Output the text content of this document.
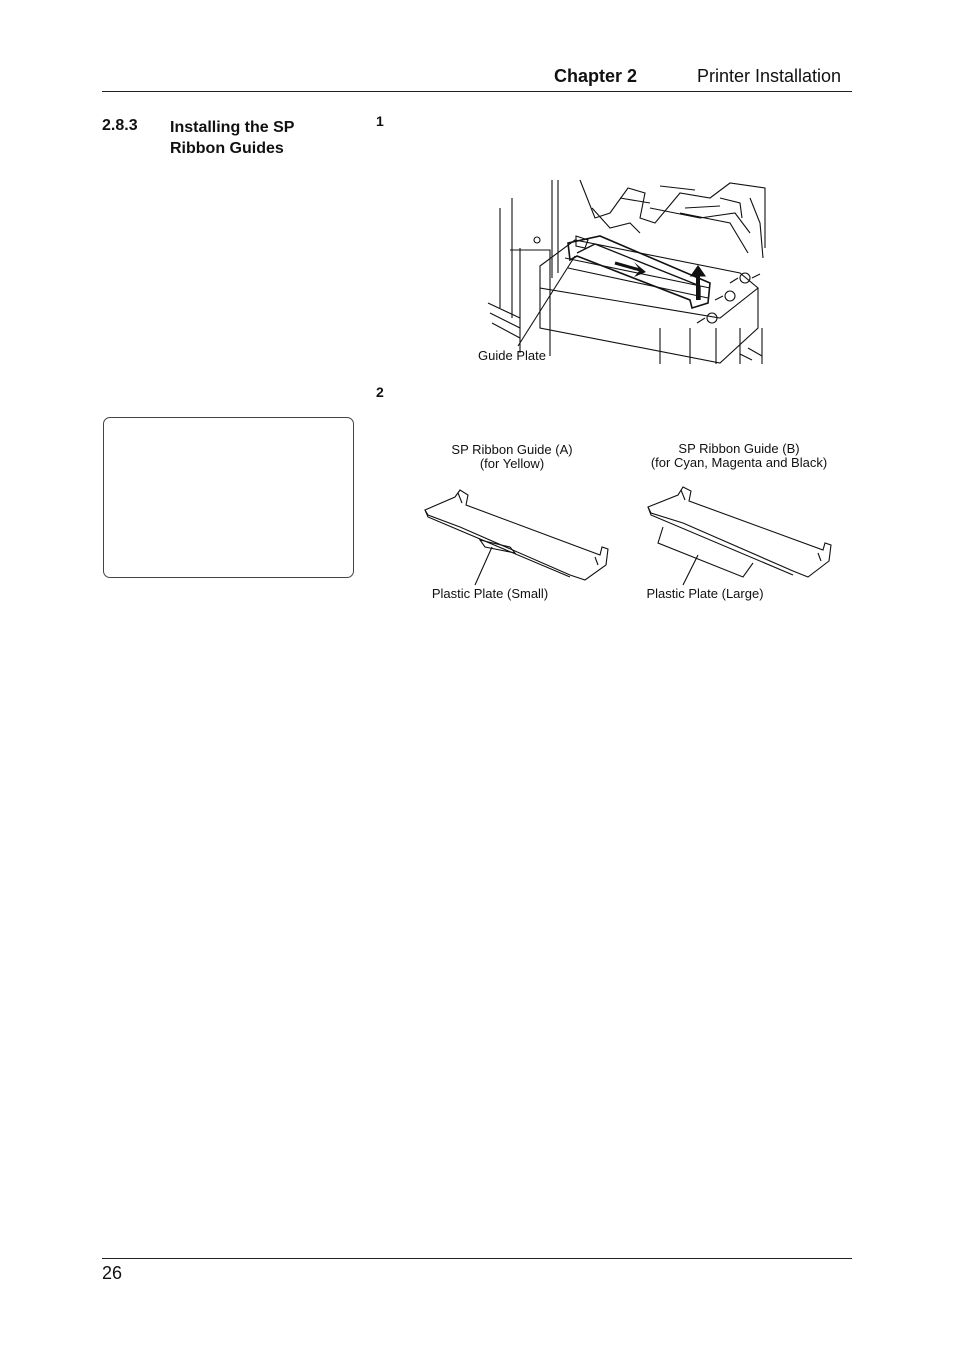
Chapter 2	Printer Installation
2.8.3 Installing the SP Ribbon Guides
1
2
Guide Plate
SP Ribbon Guide (A)
(for Yellow)
SP Ribbon Guide (B)
(for Cyan, Magenta and Black)
Plastic Plate (Small)	Plastic Plate (Large)
26
